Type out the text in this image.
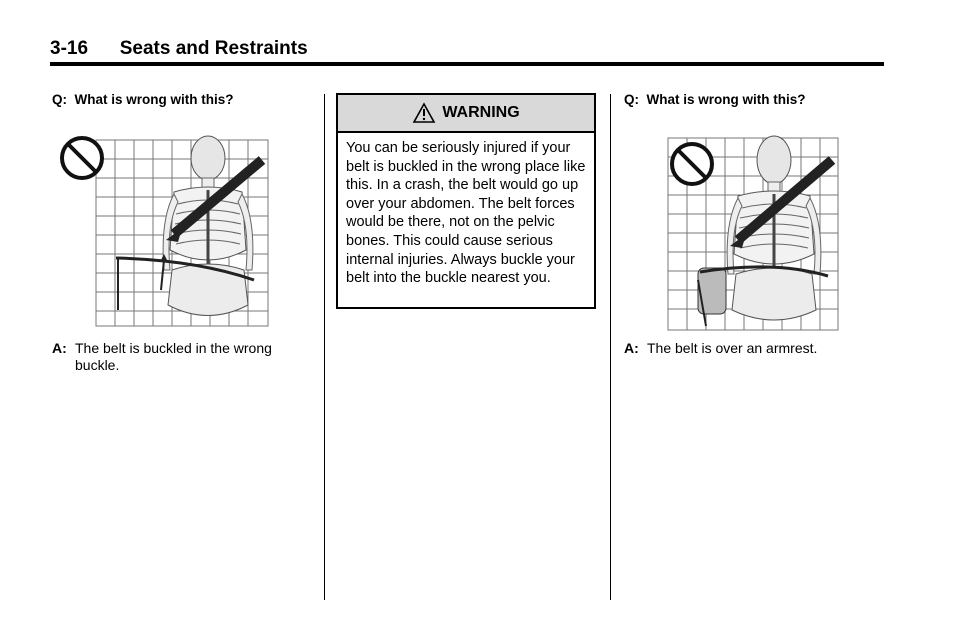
3-16 Seats and Restraints
Q: What is wrong with this?
A: The belt is buckled in the wrong buckle.
WARNING
You can be seriously injured if your belt is buckled in the wrong place like this. In a crash, the belt would go up over your abdomen. The belt forces would be there, not on the pelvic bones. This could cause serious internal injuries. Always buckle your belt into the buckle nearest you.
Q: What is wrong with this?
A: The belt is over an armrest.
